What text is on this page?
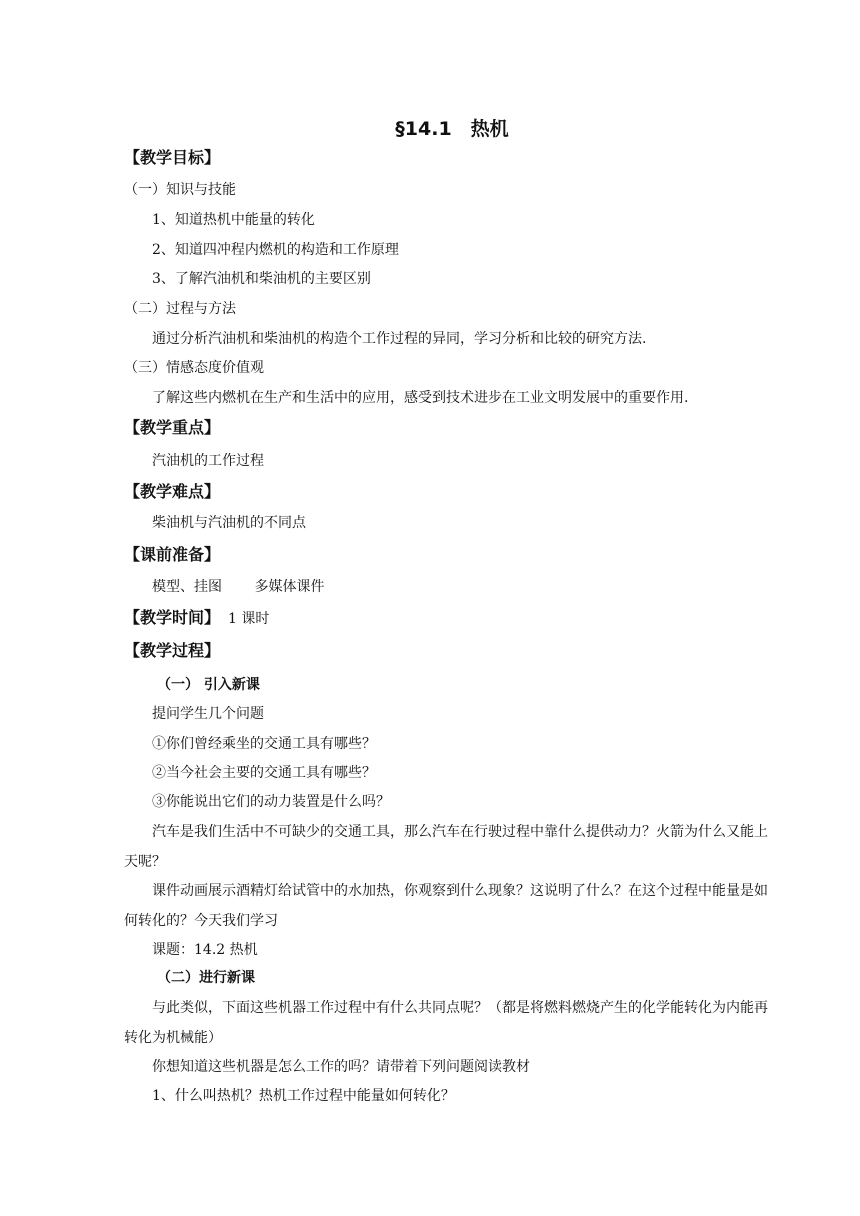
§14.1　热机
【教学目标】
（一）知识与技能
1、知道热机中能量的转化
2、知道四冲程内燃机的构造和工作原理
3、了解汽油机和柴油机的主要区别
（二）过程与方法
通过分析汽油机和柴油机的构造个工作过程的异同，学习分析和比较的研究方法.
（三）情感态度价值观
了解这些内燃机在生产和生活中的应用，感受到技术进步在工业文明发展中的重要作用.
【教学重点】
汽油机的工作过程
【教学难点】
柴油机与汽油机的不同点
【课前准备】
模型、挂图　　 多媒体课件
【教学时间】 1 课时
【教学过程】
（一） 引入新课
提问学生几个问题
①你们曾经乘坐的交通工具有哪些？
②当今社会主要的交通工具有哪些？
③你能说出它们的动力装置是什么吗？
汽车是我们生活中不可缺少的交通工具，那么汽车在行驶过程中靠什么提供动力？火箭为什么又能上天呢？
课件动画展示酒精灯给试管中的水加热，你观察到什么现象？这说明了什么？在这个过程中能量是如何转化的？今天我们学习
课题：14.2 热机
（二）进行新课
与此类似，下面这些机器工作过程中有什么共同点呢？（都是将燃料燃烧产生的化学能转化为内能再转化为机械能）
你想知道这些机器是怎么工作的吗？请带着下列问题阅读教材
1、什么叫热机？热机工作过程中能量如何转化？
